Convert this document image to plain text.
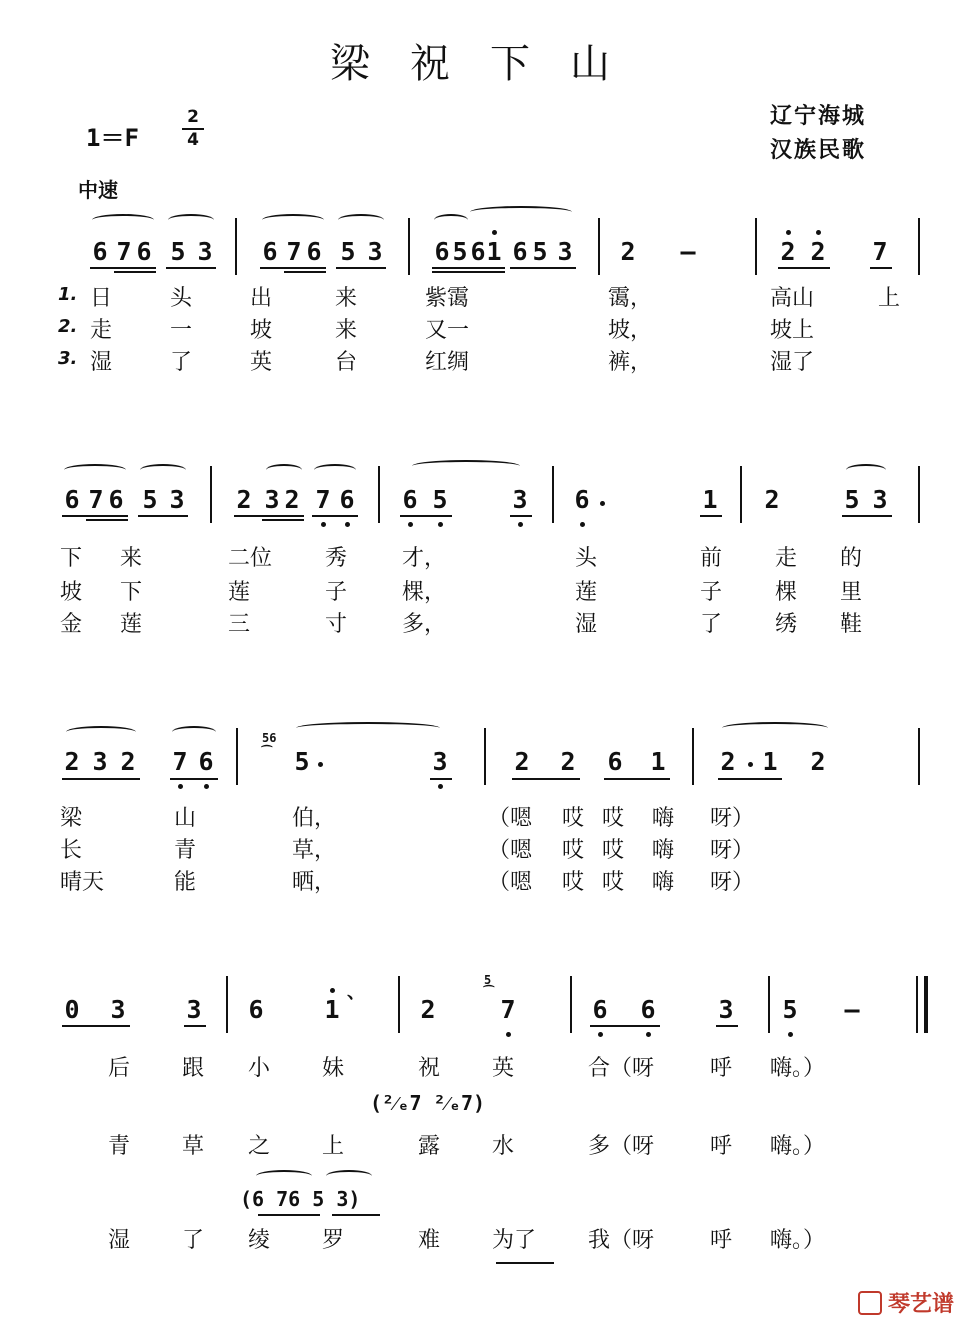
梁祝下山
1＝F
2
4
辽宁海城
汉族民歌
中速
6 7 6 5 3 6 7 6 5 3 6 5 6 1 6 5 3 2 –	2 2 7
6 7 6 5 3 2 3 2 7 6 6 5	3 6	1 2	5 3
2 3 2 7 6
56
⁀ 5	3	2 2 6 1 2 1 2
0 3 3 6 1
、
2
5
⁀
7	6 6	3 5 –
(²⁄ₑ7 ²⁄ₑ7)
(6 76 5 3)
1.
2.
3.
日	头	出	来	紫霭	霭，	高山	上
走	一	坡	来	又一	坡，	坡上
湿	了	英	台	红绸	裤，	湿了
下 来	二位 秀 才，	头	前 走 的
坡 下	莲	子 棵，	莲	子 棵 里
金 莲	三	寸 多，	湿	了 绣 鞋
梁	山	伯，	（嗯 哎 哎 嗨 呀）
长	青	草，	（嗯 哎 哎 嗨 呀）
晴天	能	晒，	（嗯 哎 哎 嗨 呀）
后 跟 小 妹	祝 英	合（呀	呼 嗨。）
青 草 之 上	露 水	多（呀	呼 嗨。）
湿 了 绫 罗	难 为了 我（呀	呼 嗨。）
琴艺谱
